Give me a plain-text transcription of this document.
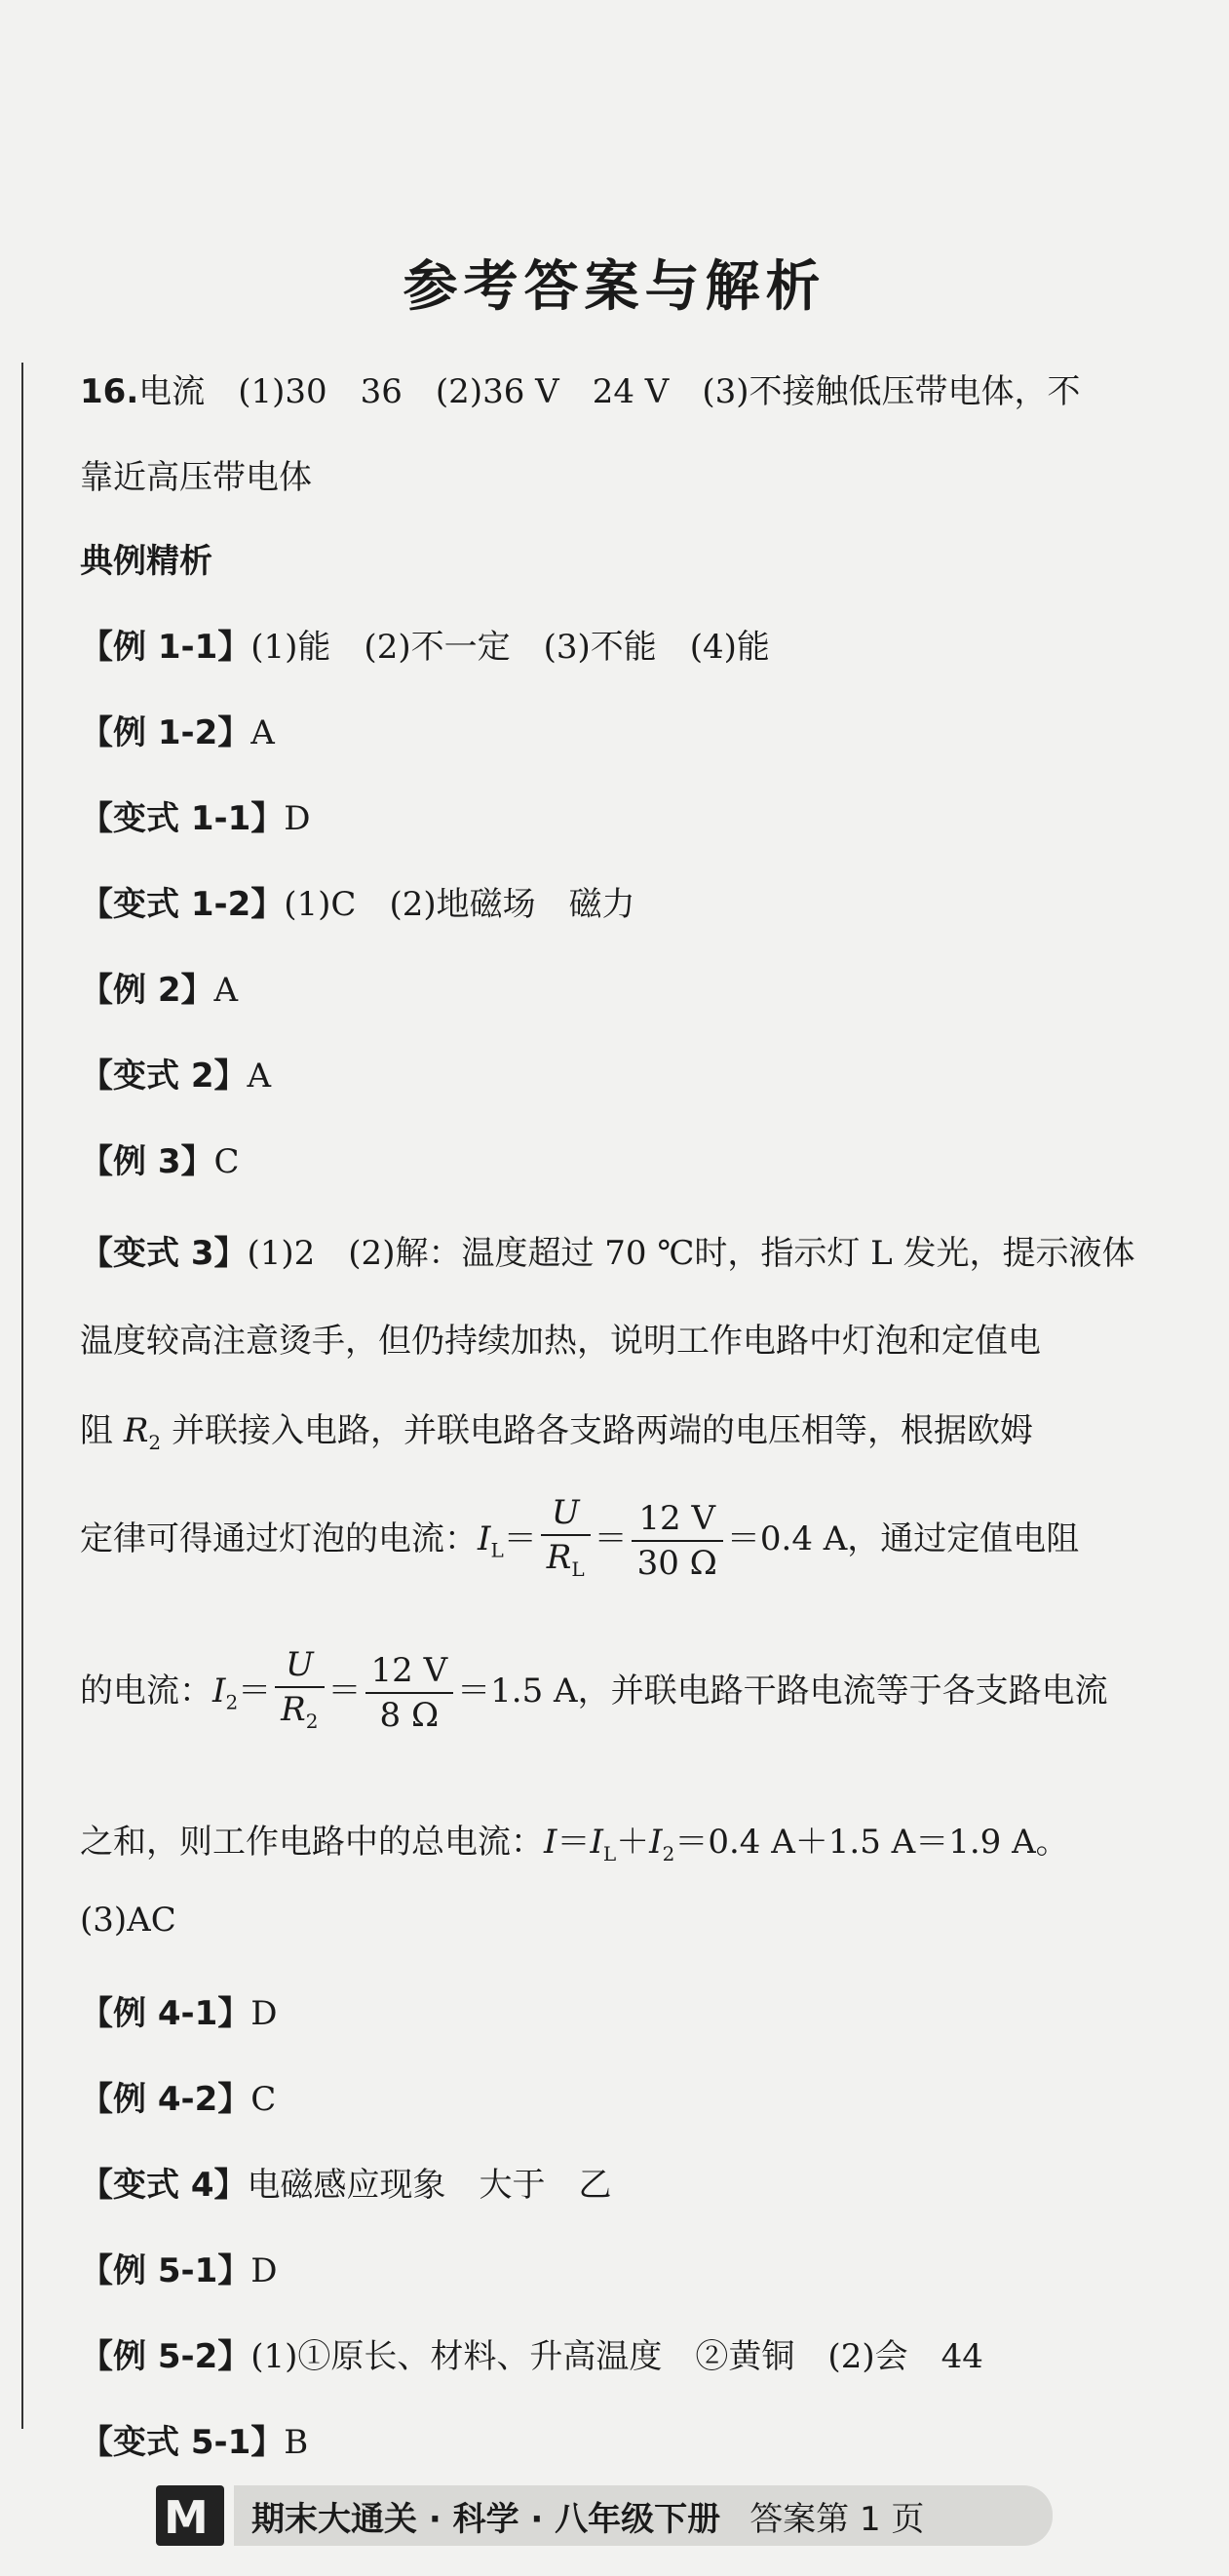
参考答案与解析
16.电流　(1)30　36　(2)36 V　24 V　(3)不接触低压带电体，不
靠近高压带电体
典例精析
【例 1-1】(1)能　(2)不一定　(3)不能　(4)能
【例 1-2】A
【变式 1-1】D
【变式 1-2】(1)C　(2)地磁场　磁力
【例 2】A
【变式 2】A
【例 3】C
【变式 3】(1)2　(2)解：温度超过 70 ℃时，指示灯 L 发光，提示液体
温度较高注意烫手，但仍持续加热，说明工作电路中灯泡和定值电
阻 $R_2$ 并联接入电路，并联电路各支路两端的电压相等，根据欧姆
定律可得通过灯泡的电流：$I_L= \frac{U}{R_L} = \frac{12 V}{30 \Omega} =0.4$ A，通过定值电阻
的电流：$I_2= \frac{U}{R_2} = \frac{12 V}{8 \Omega} =1.5$ A，并联电路干路电流等于各支路电流
之和，则工作电路中的总电流：$I=I_L+I_2=0.4$ A＋1.5 A＝1.9 A。
(3)AC
【例 4-1】D
【例 4-2】C
【变式 4】电磁感应现象　大于　乙
【例 5-1】D
【例 5-2】(1)①原长、材料、升高温度　②黄铜　(2)会　44
【变式 5-1】B
M 期末大通关 · 科学 · 八年级下册 答案第 1 页
